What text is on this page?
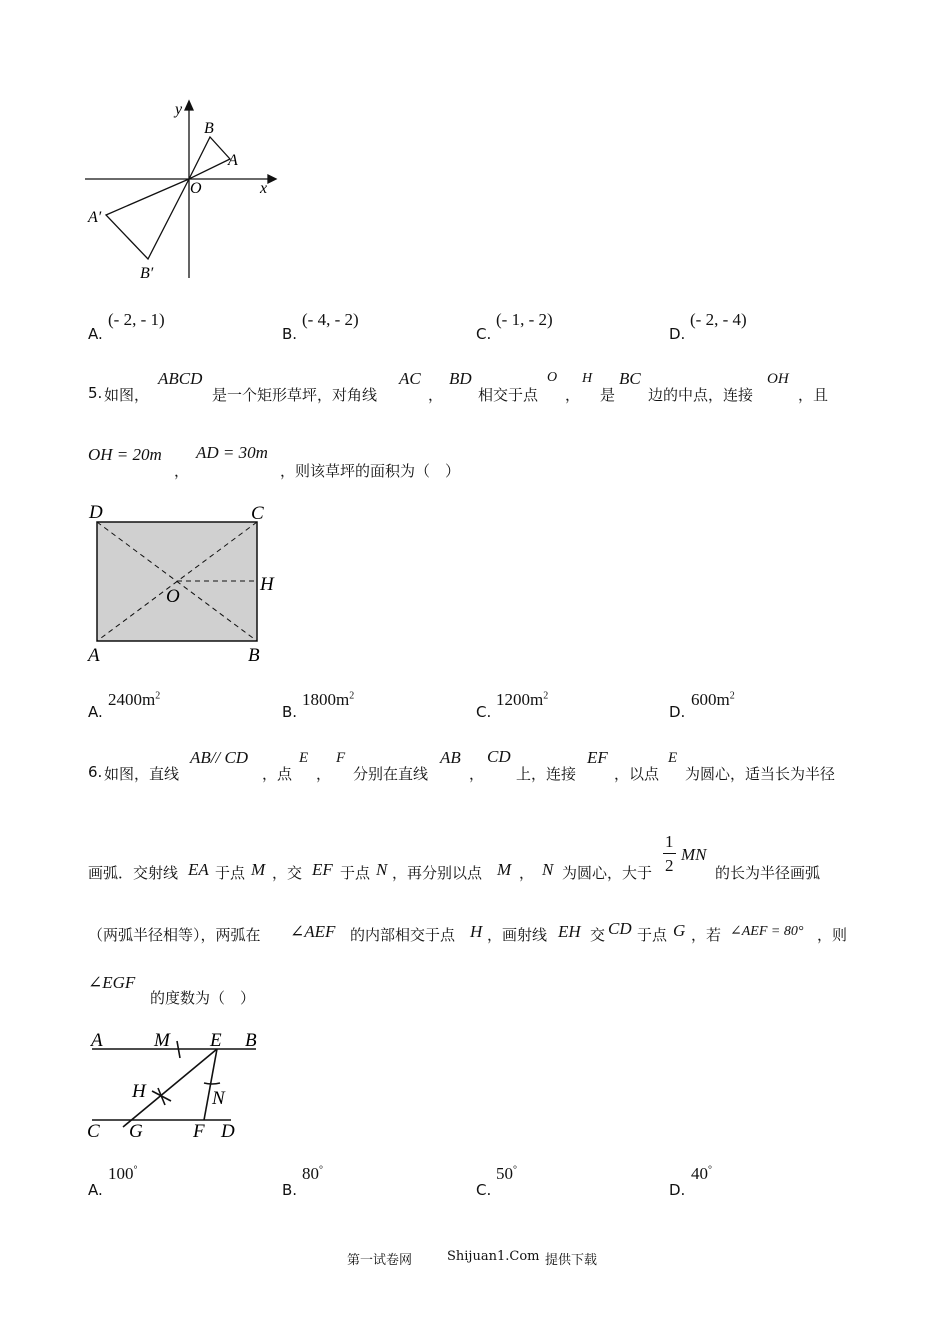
y
x
O
B
A
A′
B′
A.
(- 2, - 1)
B.
(- 4, - 2)
C.
(- 1, - 2)
D.
(- 2, - 4)
5. 如图，
ABCD
是一个矩形草坪，对角线
AC
，
BD
相交于点
O
，
H
是
BC
边的中点，连接
OH
，且
OH = 20m
，
AD = 30m
，则该草坪的面积为（　）
D	C
H
O
A	B
A.
$2400m^2$
B.
$1800m^2$
C.
$1200m^2$
D.
$600m^2$
6. 如图，直线
AB// CD
，点
E
，
F
分别在直线
AB
，
CD
上，连接
EF
，以点
E
为圆心，适当长为半径
画弧．交射线 EA 于点 M ，交 EF 于点 N ，再分别以点 M ， N 为圆心，大于
1
2
MN
的长为半径画弧
（两弧半径相等），两弧在 ∠AEF 的内部相交于点 H ，画射线 EH 交 CD 于点 G ，若 ∠AEF = 80° ，则
∠EGF
的度数为（　）
A	M E B
H	N
C G	F D
A.
100°
B.
80°
C.
50°
D.
40°
第一试卷网	Shijuan1.Com 提供下载
